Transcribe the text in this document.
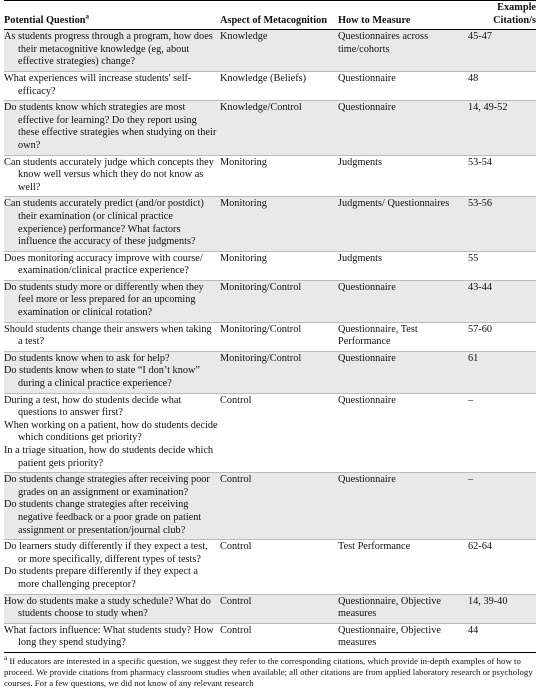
Potential Question$^a$	Aspect of Metacognition	How to Measure	Example Citation/s

As students progress through a program, how does their metacognitive knowledge (eg, about effective strategies) change?	Knowledge	Questionnaires across time/cohorts	45-47

What experiences will increase students' self-efficacy?	Knowledge (Beliefs)	Questionnaire	48

Do students know which strategies are most effective for learning? Do they report using these effective strategies when studying on their own?	Knowledge/Control	Questionnaire	14, 49-52

Can students accurately judge which concepts they know well versus which they do not know as well?	Monitoring	Judgments	53-54

Can students accurately predict (and/or postdict) their examination (or clinical practice experience) performance? What factors influence the accuracy of these judgments?	Monitoring	Judgments/ Questionnaires	53-56

Does monitoring accuracy improve with course/ examination/clinical practice experience?	Monitoring	Judgments	55

Do students study more or differently when they feel more or less prepared for an upcoming examination or clinical rotation?	Monitoring/Control	Questionnaire	43-44

Should students change their answers when taking a test?	Monitoring/Control	Questionnaire, Test Performance	57-60

Do students know when to ask for help?
Do students know when to state “I don’t know” during a clinical practice experience?	Monitoring/Control	Questionnaire	61

During a test, how do students decide what questions to answer first?
When working on a patient, how do students decide which conditions get priority?
In a triage situation, how do students decide which patient gets priority?	Control	Questionnaire	–

Do students change strategies after receiving poor grades on an assignment or examination?
Do students change strategies after receiving negative feedback or a poor grade on patient assignment or presentation/journal club?	Control	Questionnaire	–

Do learners study differently if they expect a test, or more specifically, different types of tests?
Do students prepare differently if they expect a more challenging preceptor?	Control	Test Performance	62-64

How do students make a study schedule? What do students choose to study when?	Control	Questionnaire, Objective measures	14, 39-40

What factors influence: What students study? How long they spend studying?	Control	Questionnaire, Objective measures	44
$^a$ If educators are interested in a specific question, we suggest they refer to the corresponding citations, which provide in-depth examples of how to proceed. We provide citations from pharmacy classroom studies when available; all other citations are from applied laboratory research or psychology courses. For a few questions, we did not know of any relevant research
